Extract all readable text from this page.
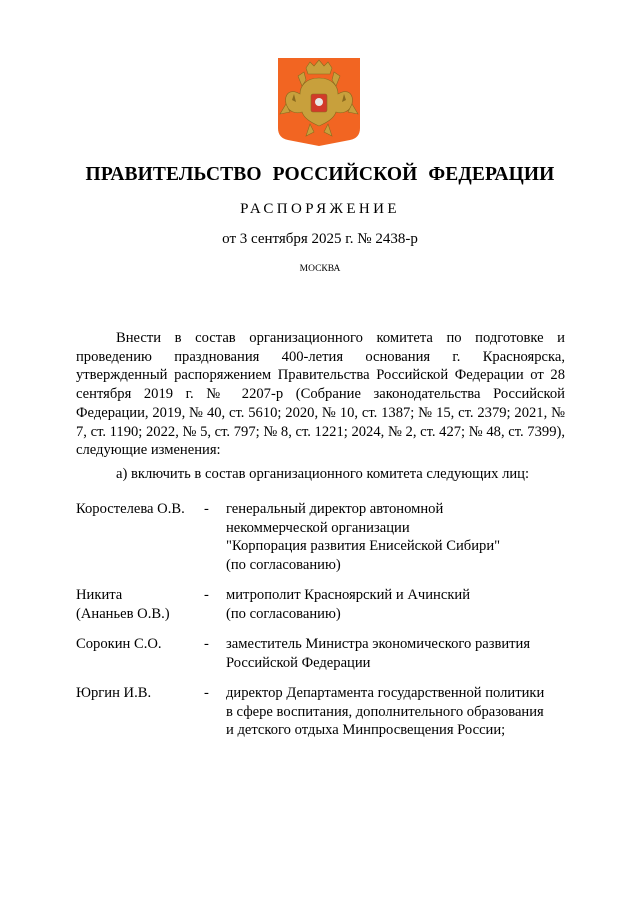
ПРАВИТЕЛЬСТВО РОССИЙСКОЙ ФЕДЕРАЦИИ
РАСПОРЯЖЕНИЕ
от 3 сентября 2025 г. № 2438-р
МОСКВА
Внести в состав организационного комитета по подготовке и проведению празднования 400-летия основания г. Красноярска, утвержденный распоряжением Правительства Российской Федерации от 28 сентября 2019 г. № 2207-р (Собрание законодательства Российской Федерации, 2019, № 40, ст. 5610; 2020, № 10, ст. 1387; № 15, ст. 2379; 2021, № 7, ст. 1190; 2022, № 5, ст. 797; № 8, ст. 1221; 2024, № 2, ст. 427; № 48, ст. 7399), следующие изменения:
а) включить в состав организационного комитета следующих лиц:
Коростелева О.В.	- генеральный директор автономной
некоммерческой организации
"Корпорация развития Енисейской Сибири"
(по согласованию)
Никита
(Ананьев О.В.)
- митрополит Красноярский и Ачинский
(по согласованию)
Сорокин С.О.	- заместитель Министра экономического развития
Российской Федерации
Юргин И.В.	- директор Департамента государственной политики
в сфере воспитания, дополнительного образования
и детского отдыха Минпросвещения России;
